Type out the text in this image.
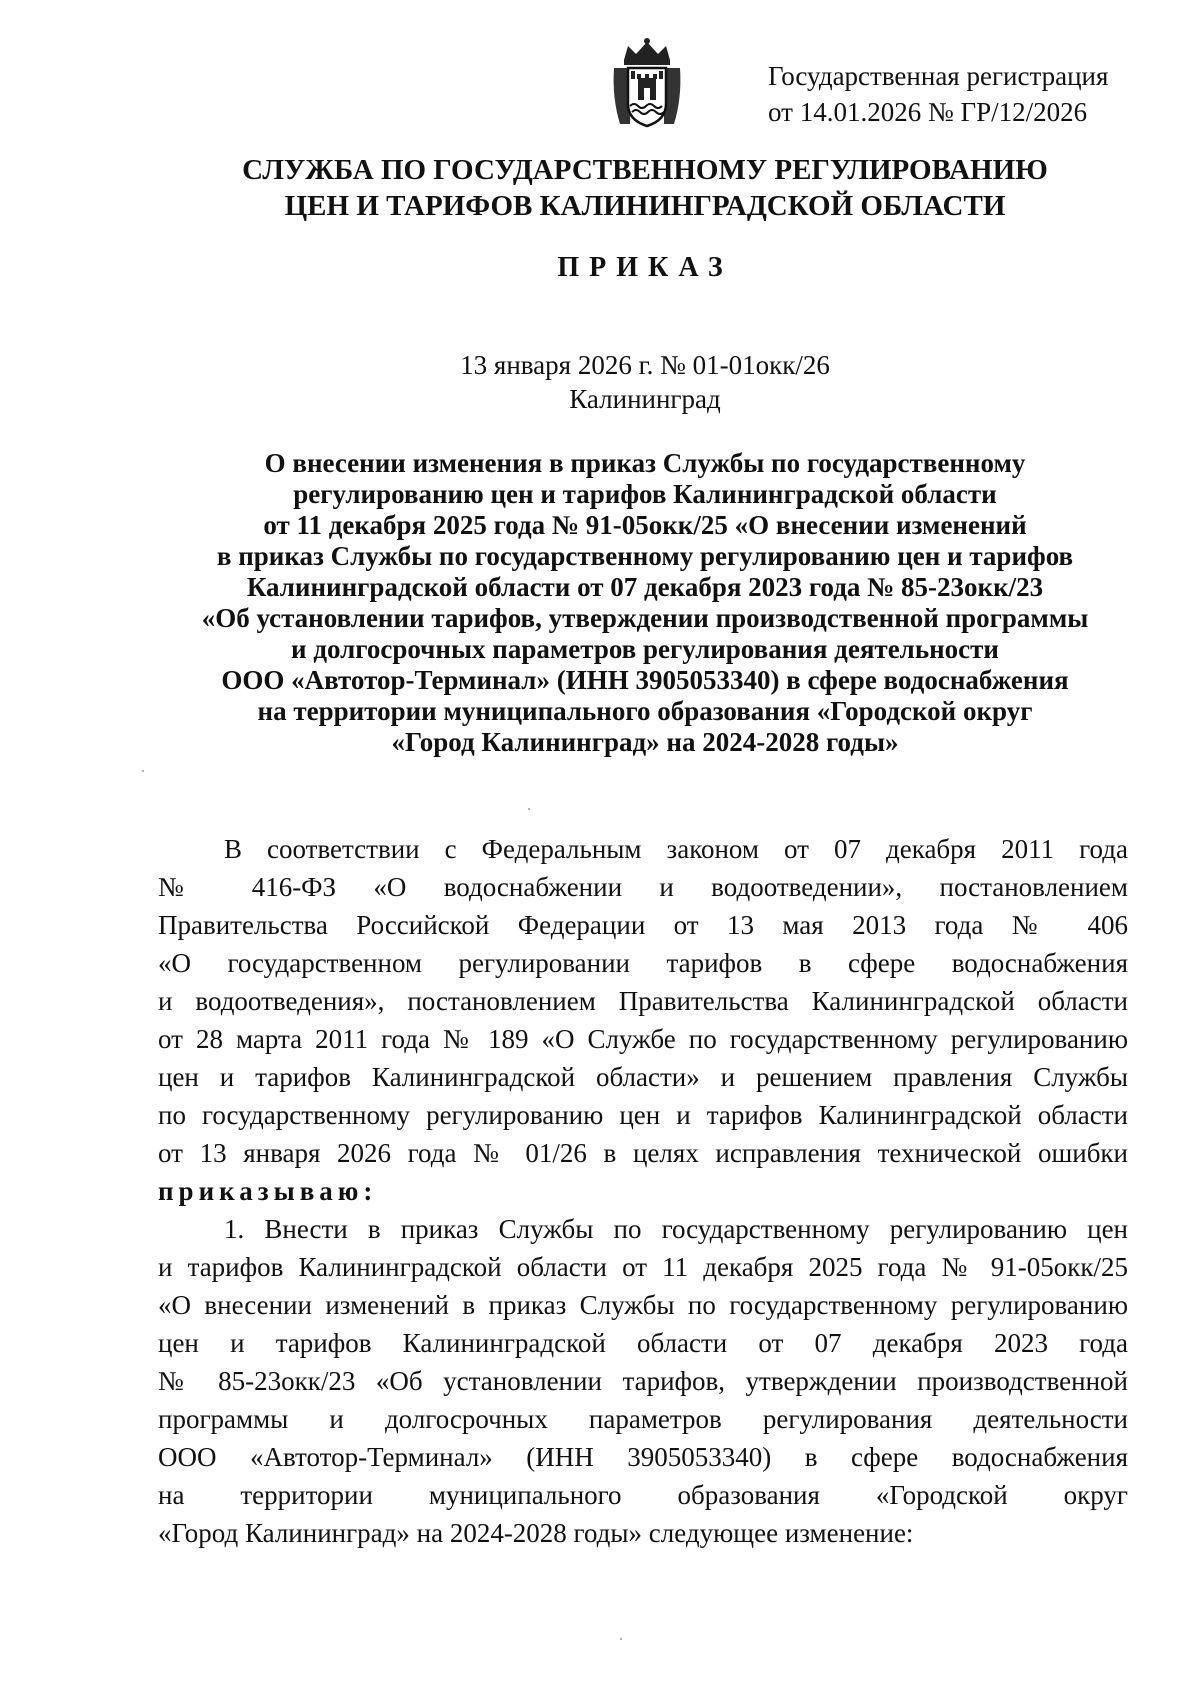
Государственная регистрация
от 14.01.2026 № ГР/12/2026
СЛУЖБА ПО ГОСУДАРСТВЕННОМУ РЕГУЛИРОВАНИЮ
ЦЕН И ТАРИФОВ КАЛИНИНГРАДСКОЙ ОБЛАСТИ
ПРИКАЗ
13 января 2026 г. № 01-01окк/26
Калининград
О внесении изменения в приказ Службы по государственному
регулированию цен и тарифов Калининградской области
от 11 декабря 2025 года № 91-05окк/25 «О внесении изменений
в приказ Службы по государственному регулированию цен и тарифов
Калининградской области от 07 декабря 2023 года № 85-23окк/23
«Об установлении тарифов, утверждении производственной программы
и долгосрочных параметров регулирования деятельности
ООО «Автотор-Терминал» (ИНН 3905053340) в сфере водоснабжения
на территории муниципального образования «Городской округ
«Город Калининград» на 2024-2028 годы»
В соответствии с Федеральным законом от 07 декабря 2011 года
№ 416-ФЗ «О водоснабжении и водоотведении», постановлением
Правительства Российской Федерации от 13 мая 2013 года № 406
«О государственном регулировании тарифов в сфере водоснабжения
и водоотведения», постановлением Правительства Калининградской области
от 28 марта 2011 года № 189 «О Службе по государственному регулированию
цен и тарифов Калининградской области» и решением правления Службы
по государственному регулированию цен и тарифов Калининградской области
от 13 января 2026 года № 01/26 в целях исправления технической ошибки
приказываю:
1. Внести в приказ Службы по государственному регулированию цен
и тарифов Калининградской области от 11 декабря 2025 года № 91-05окк/25
«О внесении изменений в приказ Службы по государственному регулированию
цен и тарифов Калининградской области от 07 декабря 2023 года
№ 85-23окк/23 «Об установлении тарифов, утверждении производственной
программы и долгосрочных параметров регулирования деятельности
ООО «Автотор-Терминал» (ИНН 3905053340) в сфере водоснабжения
на территории муниципального образования «Городской округ
«Город Калининград» на 2024-2028 годы» следующее изменение:
